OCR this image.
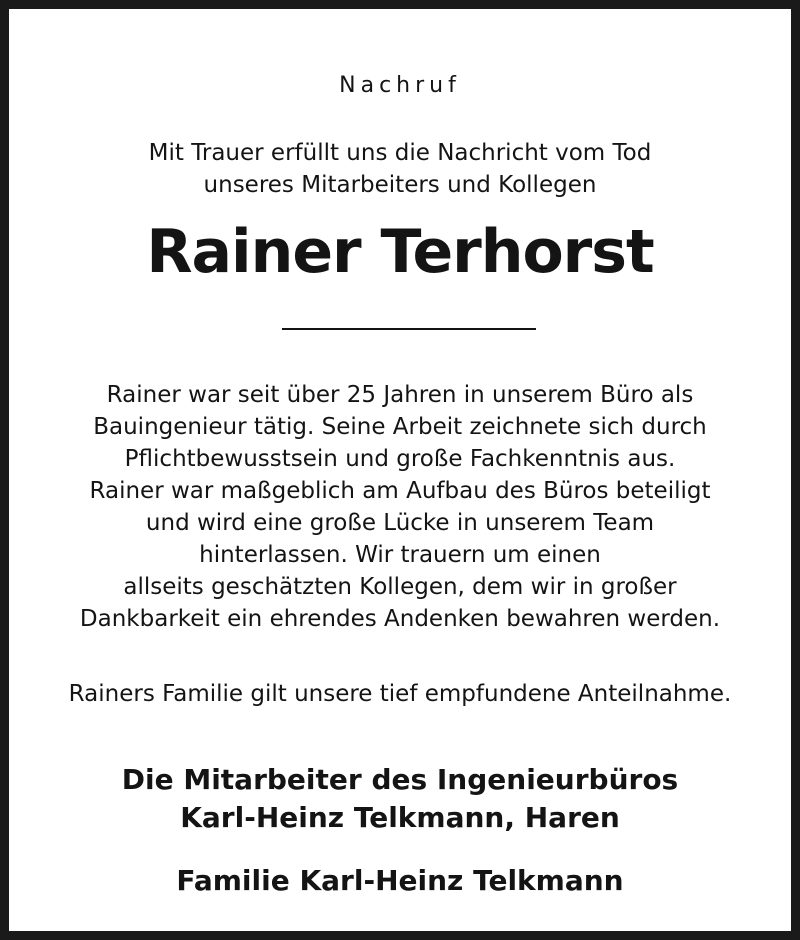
Nachruf

Mit Trauer erfüllt uns die Nachricht vom Tod
unseres Mitarbeiters und Kollegen
Rainer Terhorst
Rainer war seit über 25 Jahren in unserem Büro als
Bauingenieur tätig. Seine Arbeit zeichnete sich durch
Pflichtbewusstsein und große Fachkenntnis aus.
Rainer war maßgeblich am Aufbau des Büros beteiligt
und wird eine große Lücke in unserem Team
hinterlassen. Wir trauern um einen
allseits geschätzten Kollegen, dem wir in großer
Dankbarkeit ein ehrendes Andenken bewahren werden.

Rainers Familie gilt unsere tief empfundene Anteilnahme.

Die Mitarbeiter des Ingenieurbüros
Karl-Heinz Telkmann, Haren

Familie Karl-Heinz Telkmann
